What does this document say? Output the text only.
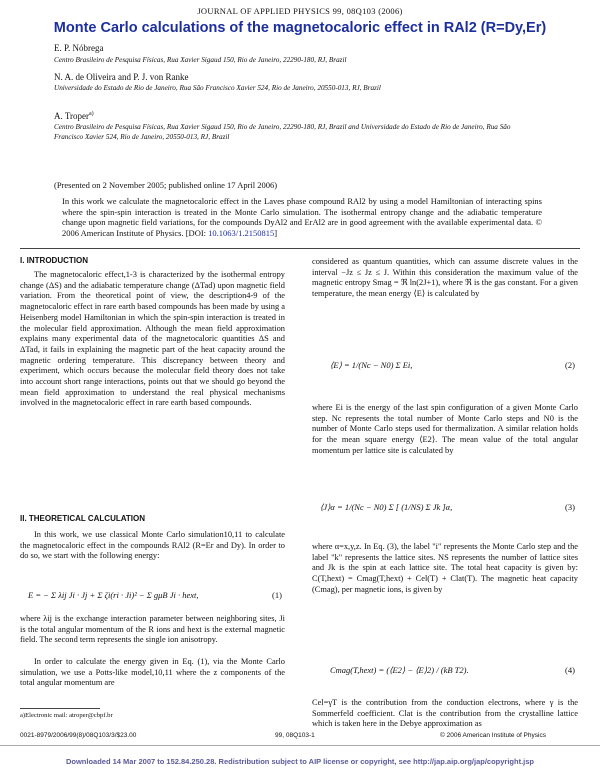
JOURNAL OF APPLIED PHYSICS 99, 08Q103 (2006)
Monte Carlo calculations of the magnetocaloric effect in RAl2 (R=Dy,Er)
E. P. Nóbrega
Centro Brasileiro de Pesquisa Físicas, Rua Xavier Sigaud 150, Rio de Janeiro, 22290-180, RJ, Brazil
N. A. de Oliveira and P. J. von Ranke
Universidade do Estado de Rio de Janeiro, Rua São Francisco Xavier 524, Rio de Janeiro, 20550-013, RJ, Brazil
A. Troper$^{a)}$
Centro Brasileiro de Pesquisa Físicas, Rua Xavier Sigaud 150, Rio de Janeiro, 22290-180, RJ, Brazil and Universidade do Estado de Rio de Janeiro, Rua São Francisco Xavier 524, Rio de Janeiro, 20550-013, RJ, Brazil
(Presented on 2 November 2005; published online 17 April 2006)
In this work we calculate the magnetocaloric effect in the Laves phase compound RAl2 by using a model Hamiltonian of interacting spins where the spin-spin interaction is treated in the Monte Carlo simulation. The isothermal entropy change and the adiabatic temperature change upon magnetic field variations, for the compounds DyAl2 and ErAl2 are in good agreement with the available experimental data. © 2006 American Institute of Physics. [DOI: 10.1063/1.2150815]
I. INTRODUCTION
The magnetocaloric effect,1-3 is characterized by the isothermal entropy change (ΔS) and the adiabatic temperature change (ΔTad) upon magnetic field variation. From the theoretical point of view, the description4-9 of the magnetocaloric effect in rare earth based compounds has been made by using a Heisenberg model Hamiltonian in which the spin-spin interaction is treated in the molecular field approximation. Although the mean field approximation explains many experimental data of the magnetocaloric quantities ΔS and ΔTad, it fails in explaining the magnetic part of the heat capacity around the magnetic ordering temperature. This discrepancy between theory and experiment, which occurs because the molecular field theory does not take into account short range interactions, points out that we should go beyond the mean field approximation to understand the real physical mechanisms involved in the magnetocaloric effect in rare earth based compounds.
II. THEORETICAL CALCULATION
In this work, we use classical Monte Carlo simulation10,11 to calculate the magnetocaloric effect in the compounds RAl2 (R=Er and Dy). In order to do so, we start with the following energy:
E = − Σ λij Ji · Jj + Σ ζi(ri · Ji)² − Σ gμB Ji · hext,	(1)
where λij is the exchange interaction parameter between neighboring sites, Ji is the total angular momentum of the R ions and hext is the external magnetic field. The second term represents the single ion anisotropy.
In order to calculate the energy given in Eq. (1), via the Monte Carlo simulation, we use a Potts-like model,10,11 where the z components of the total angular momentum are
a)Electronic mail: atroper@cbpf.br
considered as quantum quantities, which can assume discrete values in the interval −Jz ≤ Jz ≤ J. Within this consideration the maximum value of the magnetic entropy Smag = ℜ ln(2J+1), where ℜ is the gas constant. For a given temperature, the mean energy ⟨E⟩ is calculated by
⟨E⟩ = 1/(Nc − N0) Σ Ei,	(2)
where Ei is the energy of the last spin configuration of a given Monte Carlo step. Nc represents the total number of Monte Carlo steps and N0 is the number of Monte Carlo steps used for thermalization. A similar relation holds for the mean square energy ⟨E2⟩. The mean value of the total angular momentum per lattice site is calculated by
⟨J⟩α = 1/(Nc − N0) Σ [ (1/NS) Σ Jk ]α,	(3)
where α=x,y,z. In Eq. (3), the label "i" represents the Monte Carlo step and the label "k" represents the lattice sites. NS represents the number of lattice sites and Jk is the spin at each lattice site. The total heat capacity is given by: C(T,hext) = Cmag(T,hext) + Cel(T) + Clat(T). The magnetic heat capacity (Cmag), per magnetic ions, is given by
Cmag(T,hext) = (⟨E2⟩ − ⟨E⟩2) / (kB T2).	(4)
Cel=γT is the contribution from the conduction electrons, where γ is the Sommerfeld coefficient. Clat is the contribution from the crystalline lattice which is taken here in the Debye approximation as
0021-8979/2006/99(8)/08Q103/3/$23.00	99, 08Q103-1	© 2006 American Institute of Physics
Downloaded 14 Mar 2007 to 152.84.250.28. Redistribution subject to AIP license or copyright, see http://jap.aip.org/jap/copyright.jsp
